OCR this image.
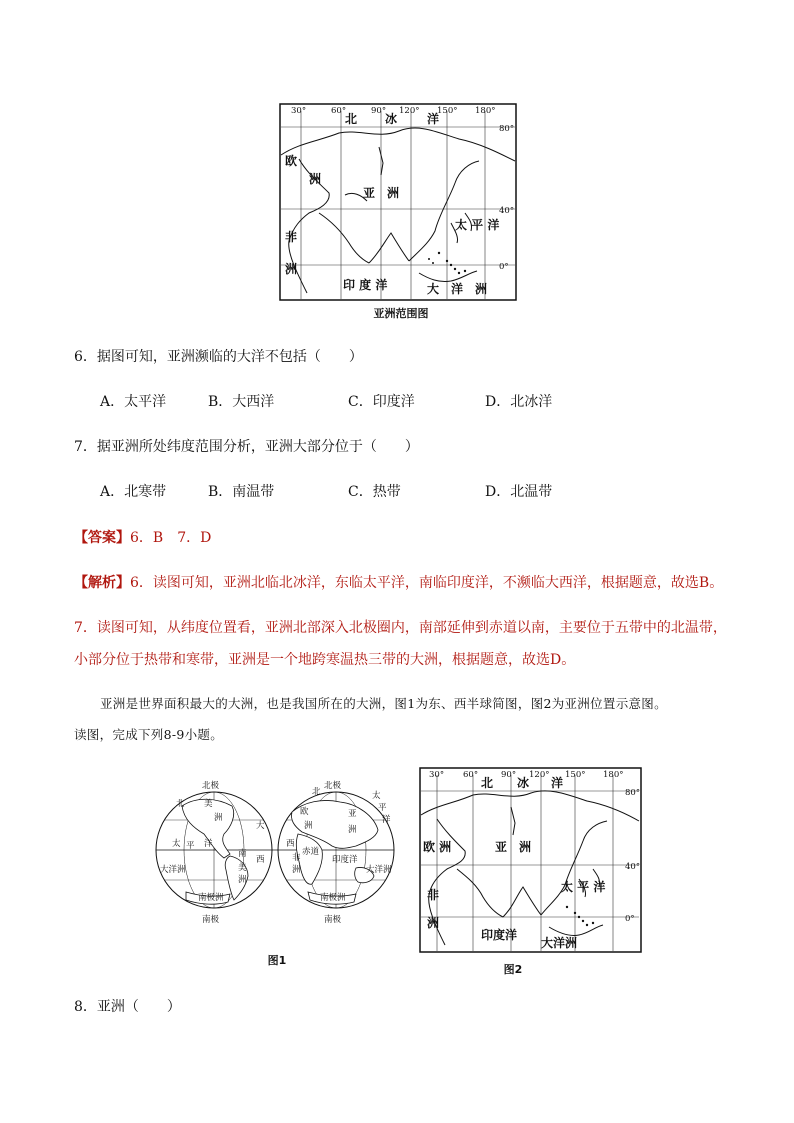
30°	60°	90° 120° 150° 180°
80°
40°
0°
北 冰 洋
欧
洲
亚　洲
非
洲
太 平 洋
印 度 洋	大　洋　洲
亚洲范围图
6．据图可知，亚洲濒临的大洋不包括（　　）
A．太平洋	B．大西洋	C．印度洋	D．北冰洋
7．据亚洲所处纬度范围分析，亚洲大部分位于（　　）
A．北寒带	B．南温带	C．热带	D．北温带
【答案】6．B　7．D
【解析】6．读图可知，亚洲北临北冰洋，东临太平洋，南临印度洋，不濒临大西洋，根据题意，故选B。
7．读图可知，从纬度位置看，亚洲北部深入北极圈内，南部延伸到赤道以南，主要位于五带中的北温带，
小部分位于热带和寒带，亚洲是一个地跨寒温热三带的大洲，根据题意，故选D。
亚洲是世界面积最大的大洲，也是我国所在的大洲，图1为东、西半球简图，图2为亚洲位置示意图。
读图，完成下列8-9小题。
北极	北极
南极	南极
北 美
洲
大
西
太 平 洋
南
美
洲
大洋洲
南极洲	南极洲
欧
洲
亚
洲
非
洲
赤道
印度洋
太
平
洋
大洋洲
西
北
图1
30° 60°	90° 120° 150° 180°
80°
40°
0°
北 冰 洋
欧 洲	亚　洲
非
洲
太 平 洋
印度洋
大洋洲
图2
8．亚洲（　　）
